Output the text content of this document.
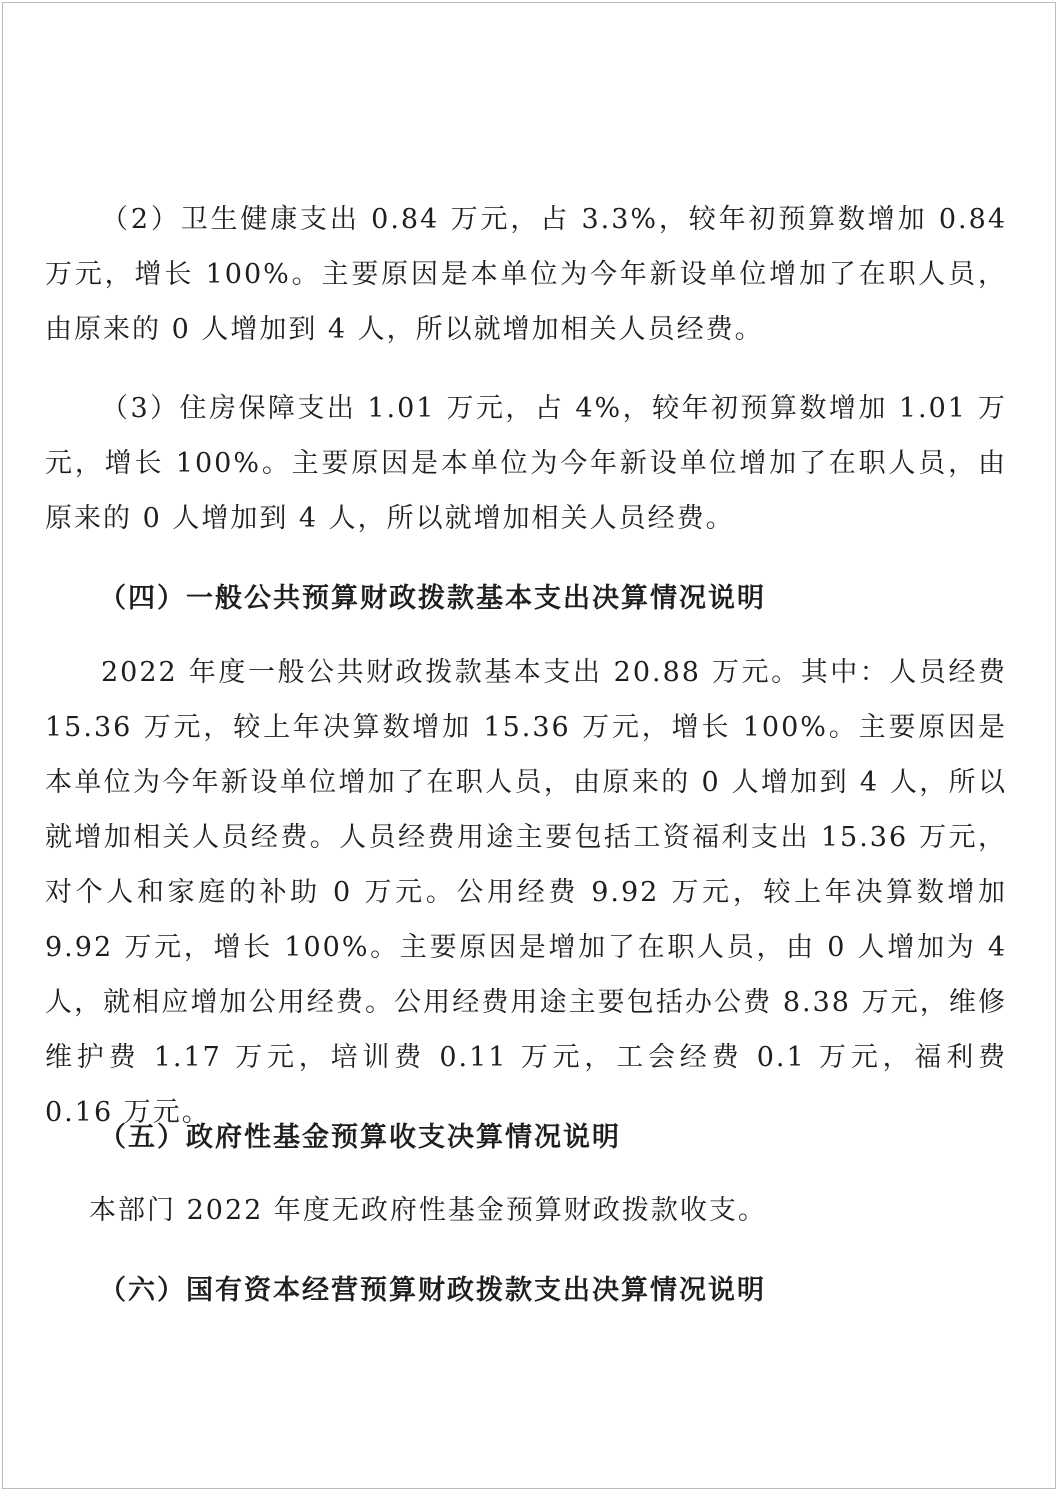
（2）卫生健康支出 0.84 万元，占 3.3%，较年初预算数增加 0.84 万元，增长 100%。主要原因是本单位为今年新设单位增加了在职人员，由原来的 0 人增加到 4 人，所以就增加相关人员经费。

（3）住房保障支出 1.01 万元，占 4%，较年初预算数增加 1.01 万元，增长 100%。主要原因是本单位为今年新设单位增加了在职人员，由原来的 0 人增加到 4 人，所以就增加相关人员经费。

（四）一般公共预算财政拨款基本支出决算情况说明

2022 年度一般公共财政拨款基本支出 20.88 万元。其中：人员经费 15.36 万元，较上年决算数增加 15.36 万元，增长 100%。主要原因是本单位为今年新设单位增加了在职人员，由原来的 0 人增加到 4 人，所以就增加相关人员经费。人员经费用途主要包括工资福利支出 15.36 万元，对个人和家庭的补助 0 万元。公用经费 9.92 万元，较上年决算数增加 9.92 万元，增长 100%。主要原因是增加了在职人员，由 0 人增加为 4 人，就相应增加公用经费。公用经费用途主要包括办公费 8.38 万元，维修维护费 1.17 万元，培训费 0.11 万元，工会经费 0.1 万元，福利费 0.16 万元。

（五）政府性基金预算收支决算情况说明

本部门 2022 年度无政府性基金预算财政拨款收支。

（六）国有资本经营预算财政拨款支出决算情况说明
